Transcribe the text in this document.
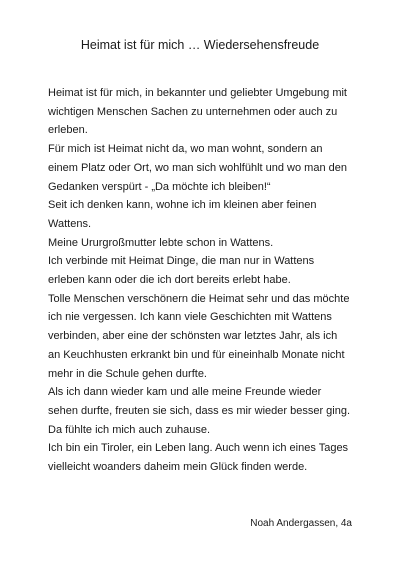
Heimat ist für mich … Wiedersehensfreude

Heimat ist für mich, in bekannter und geliebter Umgebung mit wichtigen Menschen Sachen zu unternehmen oder auch zu erleben.

Für mich ist Heimat nicht da, wo man wohnt, sondern an einem Platz oder Ort, wo man sich wohlfühlt und wo man den Gedanken verspürt - „Da möchte ich bleiben!“

Seit ich denken kann, wohne ich im kleinen aber feinen Wattens.

Meine Ururgroßmutter lebte schon in Wattens.

Ich verbinde mit Heimat Dinge, die man nur in Wattens erleben kann oder die ich dort bereits erlebt habe.

Tolle Menschen verschönern die Heimat sehr und das möchte ich nie vergessen. Ich kann viele Geschichten mit Wattens verbinden, aber eine der schönsten war letztes Jahr, als ich an Keuchhusten erkrankt bin und für eineinhalb Monate nicht mehr in die Schule gehen durfte.

Als ich dann wieder kam und alle meine Freunde wieder sehen durfte, freuten sie sich, dass es mir wieder besser ging. Da fühlte ich mich auch zuhause.

Ich bin ein Tiroler, ein Leben lang. Auch wenn ich eines Tages vielleicht woanders daheim mein Glück finden werde.

Noah Andergassen, 4a
